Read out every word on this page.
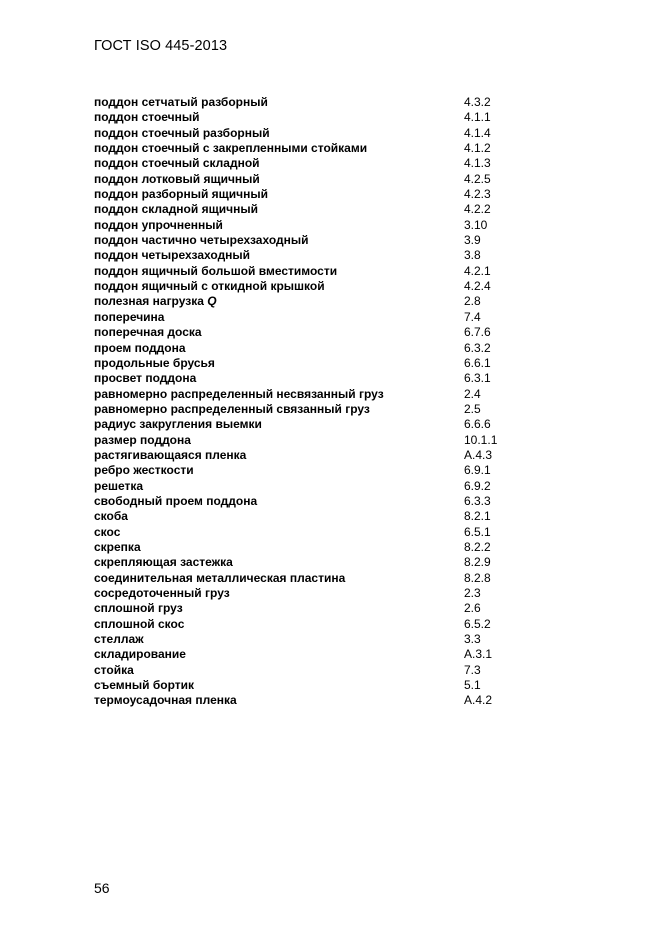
ГОСТ ISO 445-2013
поддон сетчатый разборный	4.3.2
поддон стоечный	4.1.1
поддон стоечный разборный	4.1.4
поддон стоечный с закрепленными стойками	4.1.2
поддон стоечный складной	4.1.3
поддон лотковый ящичный	4.2.5
поддон разборный ящичный	4.2.3
поддон складной ящичный	4.2.2
поддон упрочненный	3.10
поддон частично четырехзаходный	3.9
поддон четырехзаходный	3.8
поддон ящичный большой вместимости	4.2.1
поддон ящичный с откидной крышкой	4.2.4
полезная нагрузка Q	2.8
поперечина	7.4
поперечная доска	6.7.6
проем поддона	6.3.2
продольные брусья	6.6.1
просвет поддона	6.3.1
равномерно распределенный несвязанный груз	2.4
равномерно распределенный связанный груз	2.5
радиус закругления выемки	6.6.6
размер поддона	10.1.1
растягивающаяся пленка	A.4.3
ребро жесткости	6.9.1
решетка	6.9.2
свободный проем поддона	6.3.3
скоба	8.2.1
скос	6.5.1
скрепка	8.2.2
скрепляющая застежка	8.2.9
соединительная металлическая пластина	8.2.8
сосредоточенный груз	2.3
сплошной груз	2.6
сплошной скос	6.5.2
стеллаж	3.3
складирование	A.3.1
стойка	7.3
съемный бортик	5.1
термоусадочная пленка	A.4.2
56
